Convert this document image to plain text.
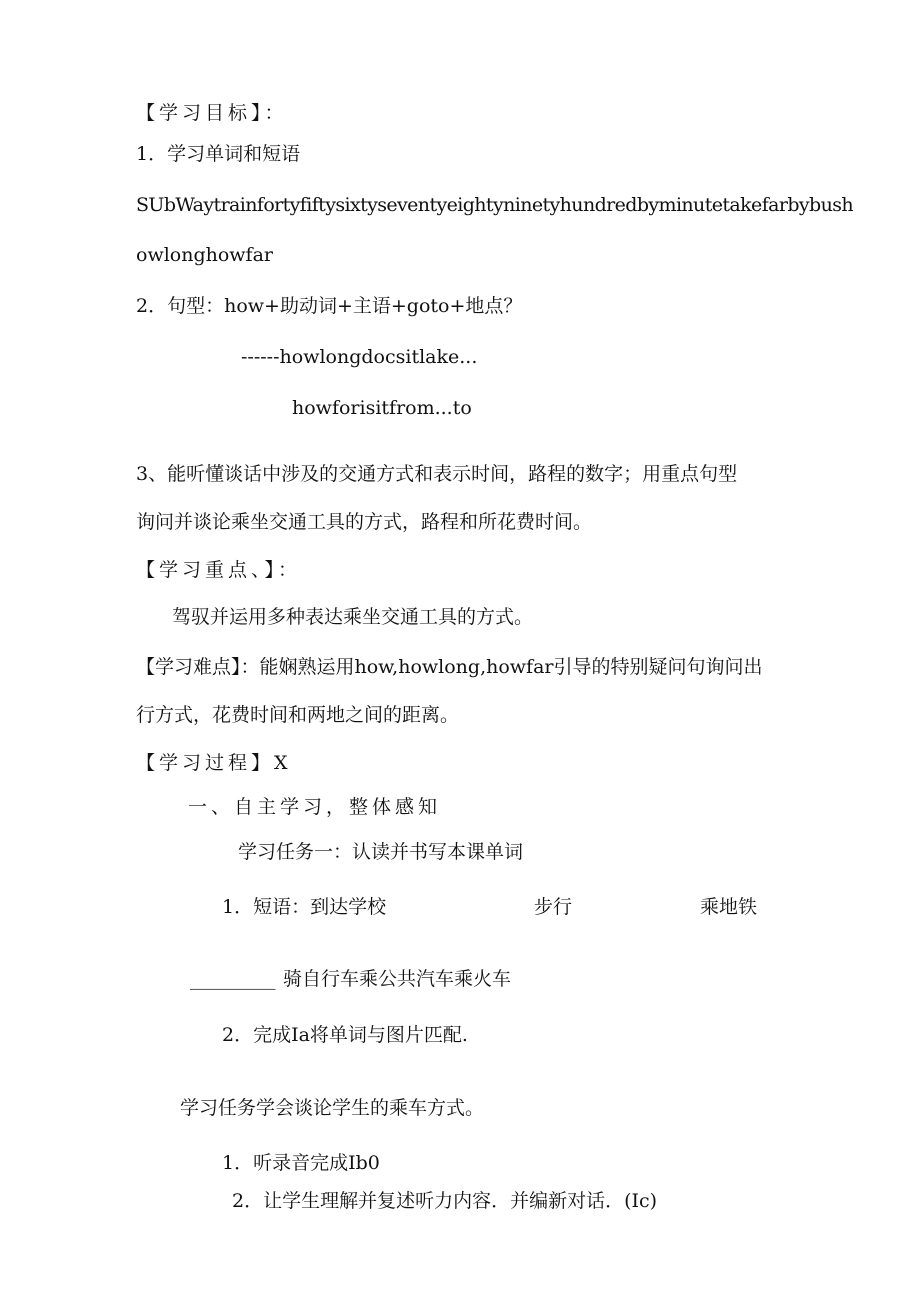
【学习目标】：
1．学习单词和短语
SUbWaytrainfortyfiftysixtyseventyeightyninetyhundredbyminutetakefarbybush
owlonghowfar
2．句型：how+助动词+主语+goto+地点？
------howlongdocsitlake...
howforisitfrom...to
3、能听懂谈话中涉及的交通方式和表示时间，路程的数字；用重点句型
询问并谈论乘坐交通工具的方式，路程和所花费时间。
【学习重点、】：
驾驭并运用多种表达乘坐交通工具的方式。
【学习难点】：能娴熟运用how,howlong,howfar引导的特别疑问句询问出
行方式，花费时间和两地之间的距离。
【学习过程】X
一、自主学习，整体感知
学习任务一：认读并书写本课单词
1．短语：到达学校	步行	乘地铁
_________ 骑自行车乘公共汽车乘火车
2．完成Ia将单词与图片匹配.
学习任务学会谈论学生的乘车方式。
1．听录音完成Ib0
2．让学生理解并复述听力内容．并编新对话．(Ic)
